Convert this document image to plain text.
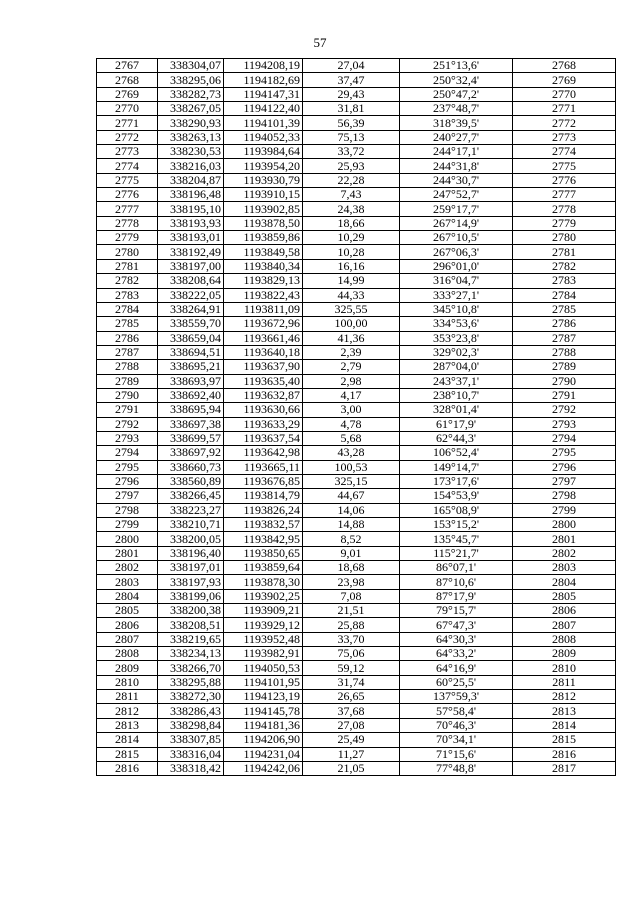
57
2767	338304,07	1194208,19	27,04	251°13,6'	2768
2768	338295,06	1194182,69	37,47	250°32,4'	2769
2769	338282,73	1194147,31	29,43	250°47,2'	2770
2770	338267,05	1194122,40	31,81	237°48,7'	2771
2771	338290,93	1194101,39	56,39	318°39,5'	2772
2772	338263,13	1194052,33	75,13	240°27,7'	2773
2773	338230,53	1193984,64	33,72	244°17,1'	2774
2774	338216,03	1193954,20	25,93	244°31,8'	2775
2775	338204,87	1193930,79	22,28	244°30,7'	2776
2776	338196,48	1193910,15	7,43	247°52,7'	2777
2777	338195,10	1193902,85	24,38	259°17,7'	2778
2778	338193,93	1193878,50	18,66	267°14,9'	2779
2779	338193,01	1193859,86	10,29	267°10,5'	2780
2780	338192,49	1193849,58	10,28	267°06,3'	2781
2781	338197,00	1193840,34	16,16	296°01,0'	2782
2782	338208,64	1193829,13	14,99	316°04,7'	2783
2783	338222,05	1193822,43	44,33	333°27,1'	2784
2784	338264,91	1193811,09	325,55	345°10,8'	2785
2785	338559,70	1193672,96	100,00	334°53,6'	2786
2786	338659,04	1193661,46	41,36	353°23,8'	2787
2787	338694,51	1193640,18	2,39	329°02,3'	2788
2788	338695,21	1193637,90	2,79	287°04,0'	2789
2789	338693,97	1193635,40	2,98	243°37,1'	2790
2790	338692,40	1193632,87	4,17	238°10,7'	2791
2791	338695,94	1193630,66	3,00	328°01,4'	2792
2792	338697,38	1193633,29	4,78	61°17,9'	2793
2793	338699,57	1193637,54	5,68	62°44,3'	2794
2794	338697,92	1193642,98	43,28	106°52,4'	2795
2795	338660,73	1193665,11	100,53	149°14,7'	2796
2796	338560,89	1193676,85	325,15	173°17,6'	2797
2797	338266,45	1193814,79	44,67	154°53,9'	2798
2798	338223,27	1193826,24	14,06	165°08,9'	2799
2799	338210,71	1193832,57	14,88	153°15,2'	2800
2800	338200,05	1193842,95	8,52	135°45,7'	2801
2801	338196,40	1193850,65	9,01	115°21,7'	2802
2802	338197,01	1193859,64	18,68	86°07,1'	2803
2803	338197,93	1193878,30	23,98	87°10,6'	2804
2804	338199,06	1193902,25	7,08	87°17,9'	2805
2805	338200,38	1193909,21	21,51	79°15,7'	2806
2806	338208,51	1193929,12	25,88	67°47,3'	2807
2807	338219,65	1193952,48	33,70	64°30,3'	2808
2808	338234,13	1193982,91	75,06	64°33,2'	2809
2809	338266,70	1194050,53	59,12	64°16,9'	2810
2810	338295,88	1194101,95	31,74	60°25,5'	2811
2811	338272,30	1194123,19	26,65	137°59,3'	2812
2812	338286,43	1194145,78	37,68	57°58,4'	2813
2813	338298,84	1194181,36	27,08	70°46,3'	2814
2814	338307,85	1194206,90	25,49	70°34,1'	2815
2815	338316,04	1194231,04	11,27	71°15,6'	2816
2816	338318,42	1194242,06	21,05	77°48,8'	2817
